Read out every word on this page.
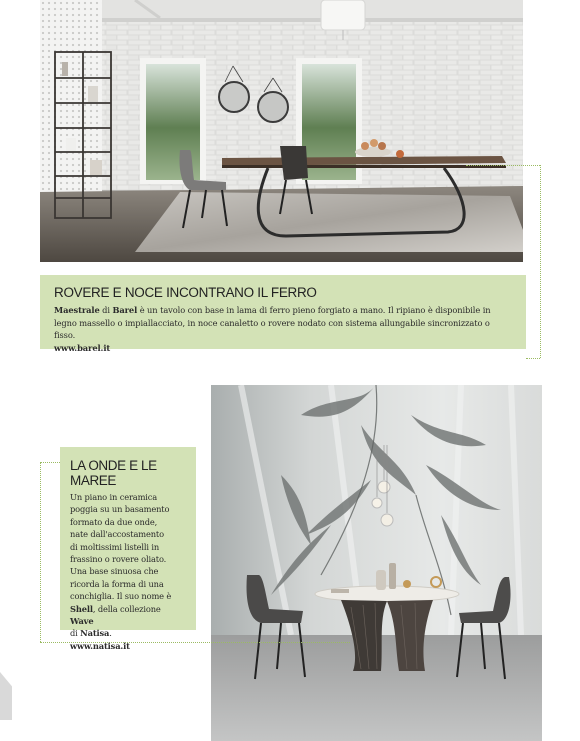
ROVERE E NOCE INCONTRANO IL FERRO

Maestrale di Barel è un tavolo con base in lama di ferro pieno forgiato a mano. Il ripiano è disponibile in legno massello o impiallacciato, in noce canaletto o rovere nodato con sistema allungabile sincronizzato o fisso.
www.barel.it

LA ONDE E LE MAREE

Un piano in ceramica
poggia su un basamento
formato da due onde,
nate dall'accostamento
di moltissimi listelli in
frassino o rovere oliato.
Una base sinuosa che
ricorda la forma di una
conchiglia. Il suo nome è
Shell, della collezione Wave
di Natisa.
www.natisa.it
